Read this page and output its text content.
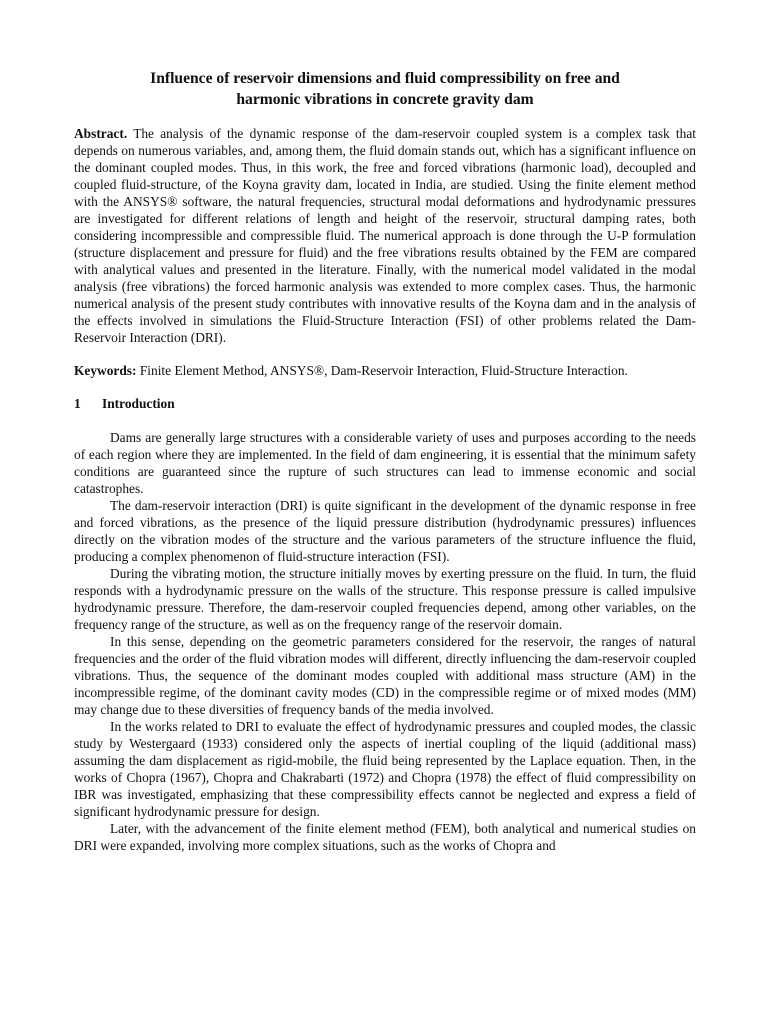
Influence of reservoir dimensions and fluid compressibility on free and
harmonic vibrations in concrete gravity dam

Abstract. The analysis of the dynamic response of the dam-reservoir coupled system is a complex task that depends on numerous variables, and, among them, the fluid domain stands out, which has a significant influence on the dominant coupled modes. Thus, in this work, the free and forced vibrations (harmonic load), decoupled and coupled fluid-structure, of the Koyna gravity dam, located in India, are studied. Using the finite element method with the ANSYS® software, the natural frequencies, structural modal deformations and hydrodynamic pressures are investigated for different relations of length and height of the reservoir, structural damping rates, both considering incompressible and compressible fluid. The numerical approach is done through the U-P formulation (structure displacement and pressure for fluid) and the free vibrations results obtained by the FEM are compared with analytical values and presented in the literature. Finally, with the numerical model validated in the modal analysis (free vibrations) the forced harmonic analysis was extended to more complex cases. Thus, the harmonic numerical analysis of the present study contributes with innovative results of the Koyna dam and in the analysis of the effects involved in simulations the Fluid-Structure Interaction (FSI) of other problems related the Dam-Reservoir Interaction (DRI).

Keywords: Finite Element Method, ANSYS®, Dam-Reservoir Interaction, Fluid-Structure Interaction.

1 Introduction

Dams are generally large structures with a considerable variety of uses and purposes according to the needs of each region where they are implemented. In the field of dam engineering, it is essential that the minimum safety conditions are guaranteed since the rupture of such structures can lead to immense economic and social catastrophes.

The dam-reservoir interaction (DRI) is quite significant in the development of the dynamic response in free and forced vibrations, as the presence of the liquid pressure distribution (hydrodynamic pressures) influences directly on the vibration modes of the structure and the various parameters of the structure influence the fluid, producing a complex phenomenon of fluid-structure interaction (FSI).

During the vibrating motion, the structure initially moves by exerting pressure on the fluid. In turn, the fluid responds with a hydrodynamic pressure on the walls of the structure. This response pressure is called impulsive hydrodynamic pressure. Therefore, the dam-reservoir coupled frequencies depend, among other variables, on the frequency range of the structure, as well as on the frequency range of the reservoir domain.

In this sense, depending on the geometric parameters considered for the reservoir, the ranges of natural frequencies and the order of the fluid vibration modes will different, directly influencing the dam-reservoir coupled vibrations. Thus, the sequence of the dominant modes coupled with additional mass structure (AM) in the incompressible regime, of the dominant cavity modes (CD) in the compressible regime or of mixed modes (MM) may change due to these diversities of frequency bands of the media involved.

In the works related to DRI to evaluate the effect of hydrodynamic pressures and coupled modes, the classic study by Westergaard (1933) considered only the aspects of inertial coupling of the liquid (additional mass) assuming the dam displacement as rigid-mobile, the fluid being represented by the Laplace equation. Then, in the works of Chopra (1967), Chopra and Chakrabarti (1972) and Chopra (1978) the effect of fluid compressibility on IBR was investigated, emphasizing that these compressibility effects cannot be neglected and express a field of significant hydrodynamic pressure for design.

Later, with the advancement of the finite element method (FEM), both analytical and numerical studies on DRI were expanded, involving more complex situations, such as the works of Chopra and
